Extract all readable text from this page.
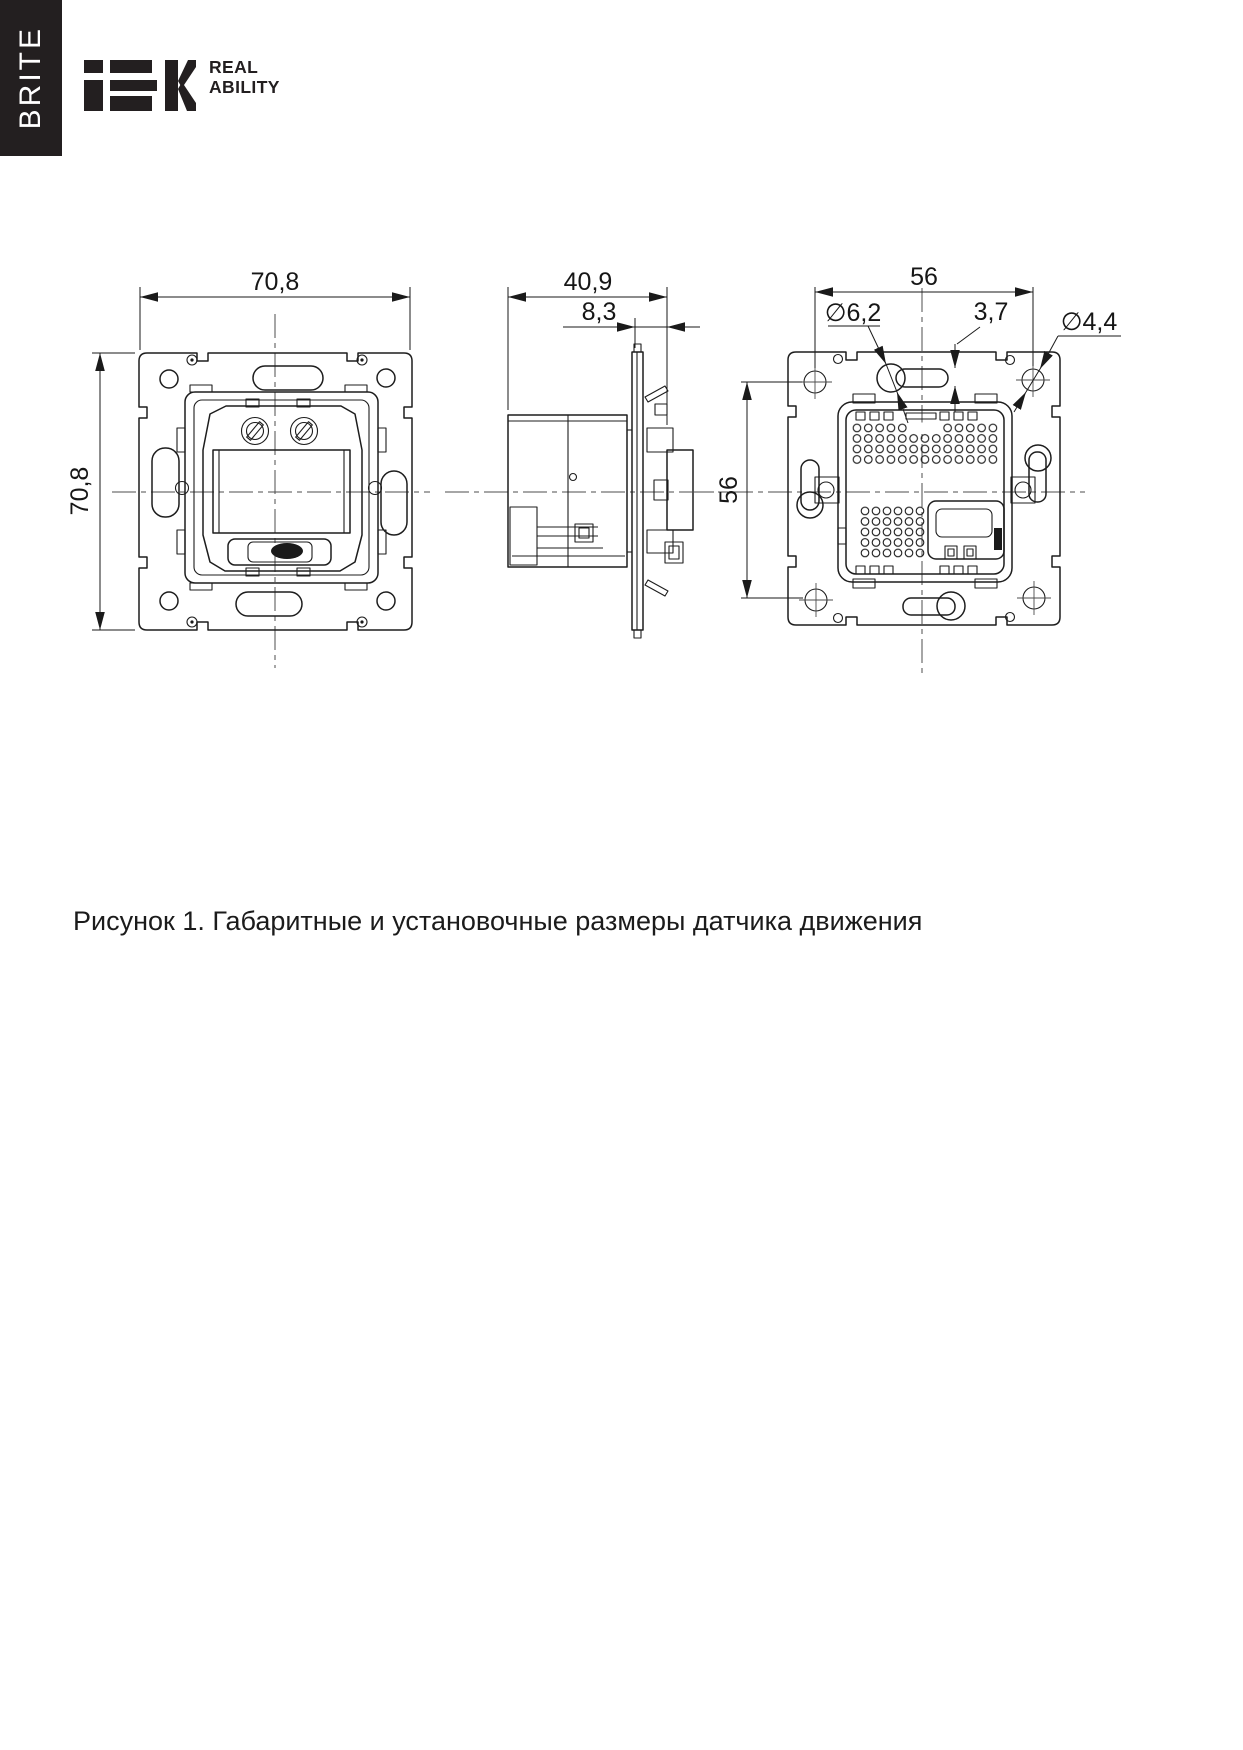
BRITE	REAL
ABILITY
70,8
70,8
40,9
8,3
56
56
∅6,2	3,7 ∅4,4
Рисунок 1. Габаритные и установочные размеры датчика движения
